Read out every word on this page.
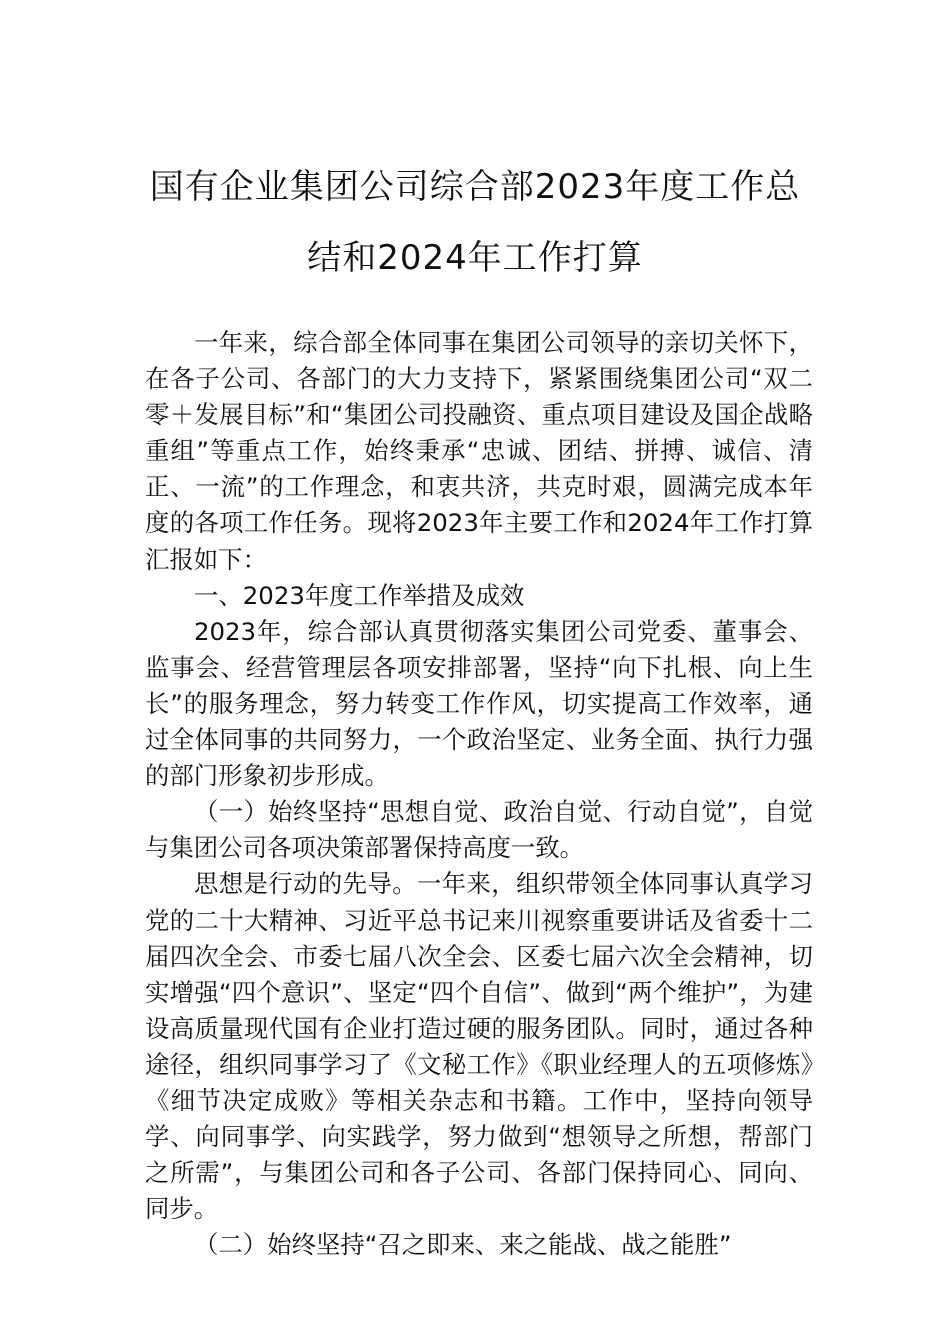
国有企业集团公司综合部2023年度工作总
结和2024年工作打算

一年来，综合部全体同事在集团公司领导的亲切关怀下，在各子公司、各部门的大力支持下，紧紧围绕集团公司“双二零＋发展目标”和“集团公司投融资、重点项目建设及国企战略重组”等重点工作，始终秉承“忠诚、团结、拼搏、诚信、清正、一流”的工作理念，和衷共济，共克时艰，圆满完成本年度的各项工作任务。现将2023年主要工作和2024年工作打算汇报如下：

一、2023年度工作举措及成效

2023年，综合部认真贯彻落实集团公司党委、董事会、监事会、经营管理层各项安排部署，坚持“向下扎根、向上生长”的服务理念，努力转变工作作风，切实提高工作效率，通过全体同事的共同努力，一个政治坚定、业务全面、执行力强的部门形象初步形成。

（一）始终坚持“思想自觉、政治自觉、行动自觉”，自觉与集团公司各项决策部署保持高度一致。

思想是行动的先导。一年来，组织带领全体同事认真学习党的二十大精神、习近平总书记来川视察重要讲话及省委十二届四次全会、市委七届八次全会、区委七届六次全会精神，切实增强“四个意识”、坚定“四个自信”、做到“两个维护”，为建设高质量现代国有企业打造过硬的服务团队。同时，通过各种途径，组织同事学习了《文秘工作》《职业经理人的五项修炼》《细节决定成败》等相关杂志和书籍。工作中，坚持向领导学、向同事学、向实践学，努力做到“想领导之所想，帮部门之所需”，与集团公司和各子公司、各部门保持同心、同向、同步。

（二）始终坚持“召之即来、来之能战、战之能胜”
